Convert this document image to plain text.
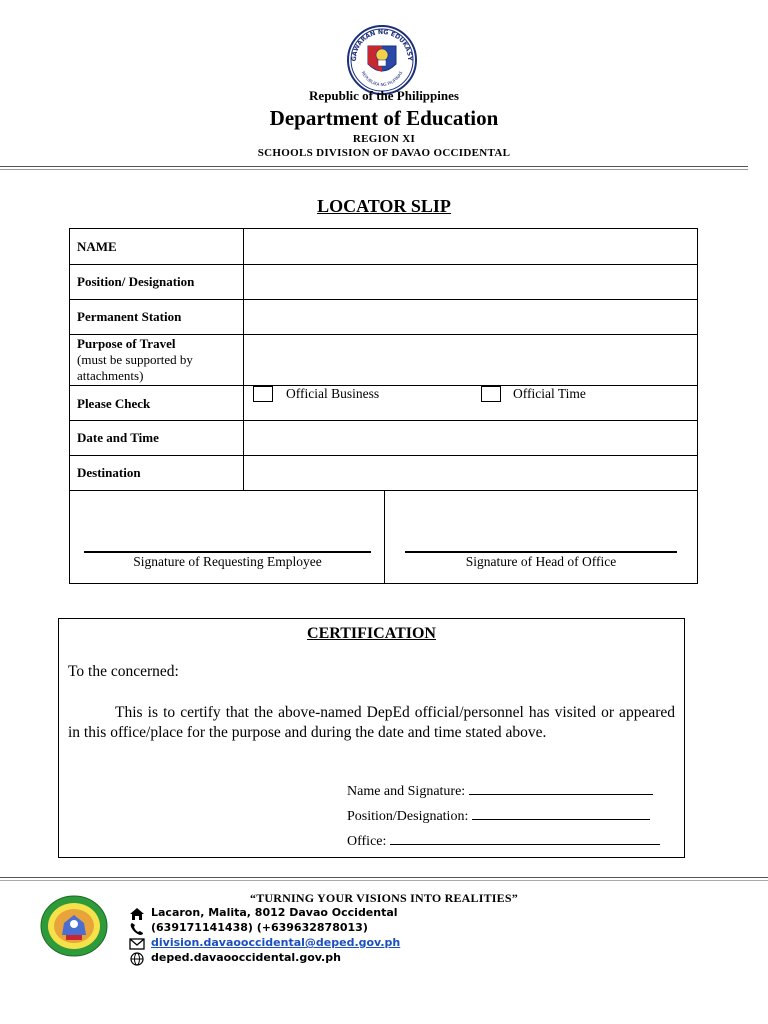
GAWARAN NG EDUKASY
REPUBLIKA NG PILIPINAS
Republic of the Philippines
Department of Education
REGION XI
SCHOOLS DIVISION OF DAVAO OCCIDENTAL
LOCATOR SLIP
NAME
Position/ Designation
Permanent Station
Purpose of Travel
(must be supported by
attachments)
Please Check
Official Business	Official Time
Date and Time
Destination
Signature of Requesting Employee	Signature of Head of Office
CERTIFICATION
To the concerned:
This is to certify that the above-named DepEd official/personnel has visited or appeared in this office/place for the purpose and during the date and time stated above.
Name and Signature:
Position/Designation:
Office:
“TURNING YOUR VISIONS INTO REALITIES”
Lacaron, Malita, 8012 Davao Occidental
(639171141438) (+639632878013)
division.davaooccidental@deped.gov.ph
deped.davaooccidental.gov.ph
